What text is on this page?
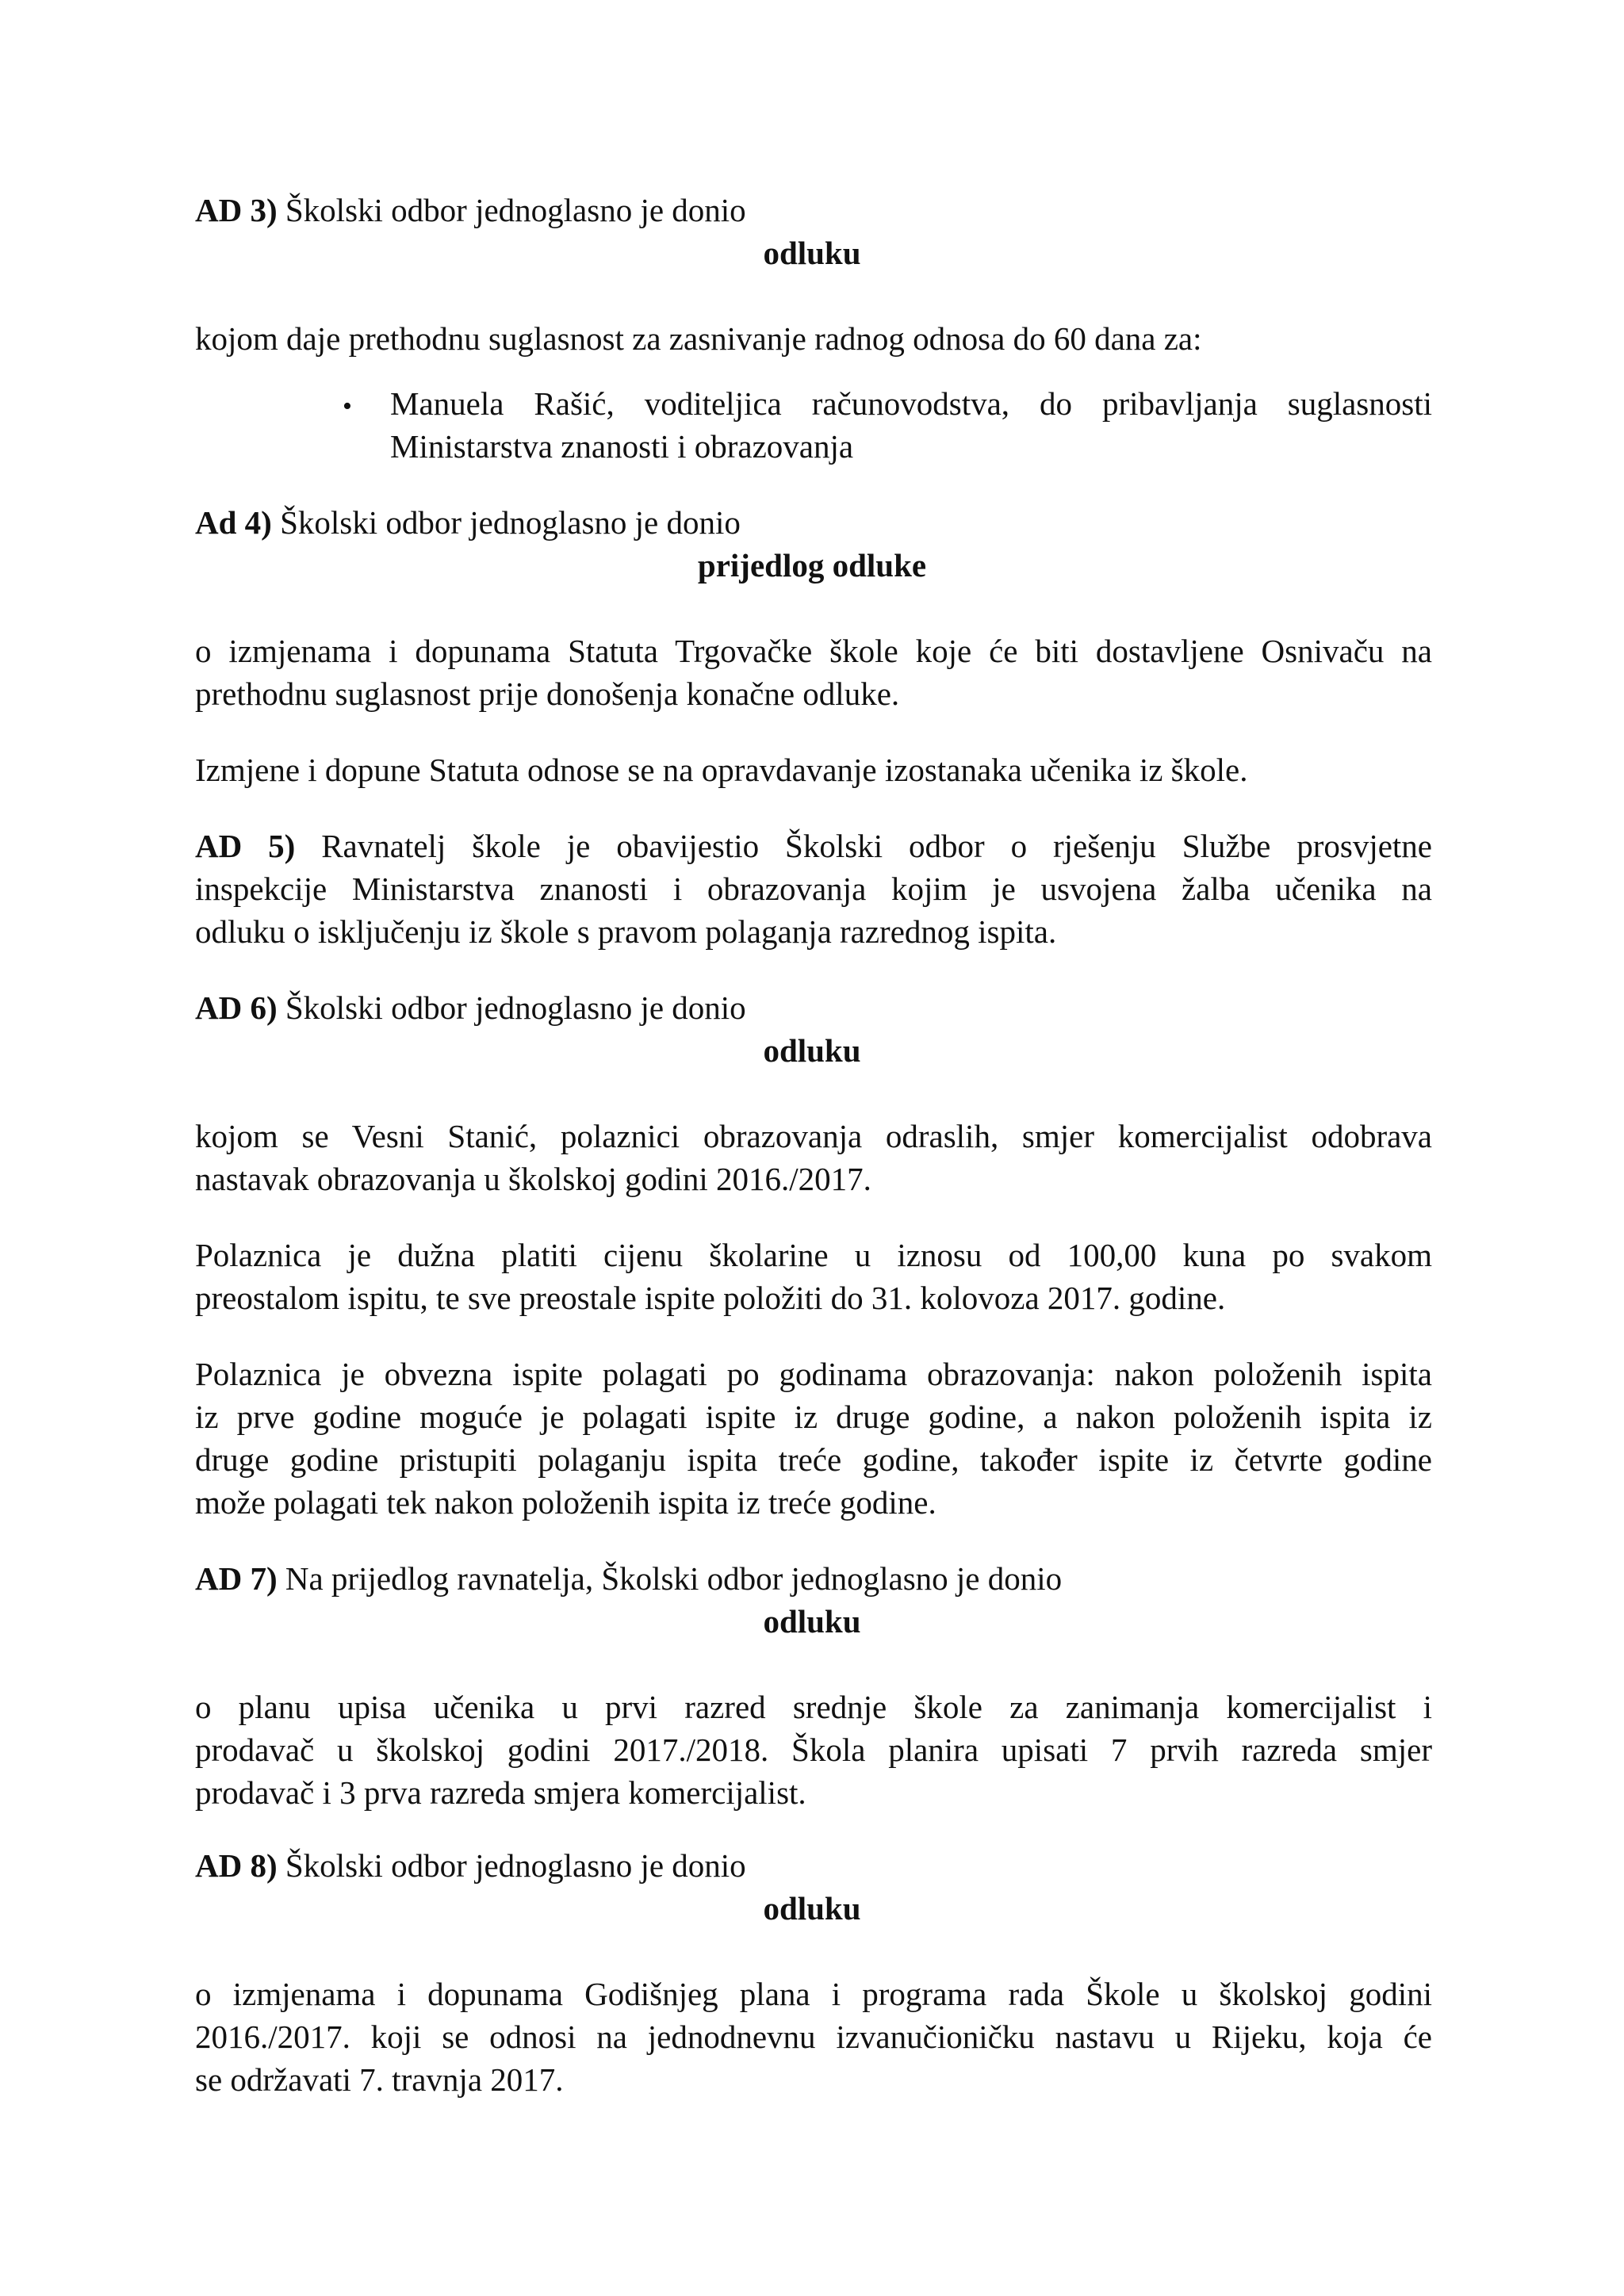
AD 3) Školski odbor jednoglasno je donio
odluku
kojom daje prethodnu suglasnost za zasnivanje radnog odnosa do 60 dana za:
• Manuela Rašić, voditeljica računovodstva, do pribavljanja suglasnosti
Ministarstva znanosti i obrazovanja
Ad 4) Školski odbor jednoglasno je donio
prijedlog odluke
o izmjenama i dopunama Statuta Trgovačke škole koje će biti dostavljene Osnivaču na
prethodnu suglasnost prije donošenja konačne odluke.
Izmjene i dopune Statuta odnose se na opravdavanje izostanaka učenika iz škole.
AD 5) Ravnatelj škole je obavijestio Školski odbor o rješenju Službe prosvjetne
inspekcije Ministarstva znanosti i obrazovanja kojim je usvojena žalba učenika na
odluku o isključenju iz škole s pravom polaganja razrednog ispita.
AD 6) Školski odbor jednoglasno je donio
odluku
kojom se Vesni Stanić, polaznici obrazovanja odraslih, smjer komercijalist odobrava
nastavak obrazovanja u školskoj godini 2016./2017.
Polaznica je dužna platiti cijenu školarine u iznosu od 100,00 kuna po svakom
preostalom ispitu, te sve preostale ispite položiti do 31. kolovoza 2017. godine.
Polaznica je obvezna ispite polagati po godinama obrazovanja: nakon položenih ispita
iz prve godine moguće je polagati ispite iz druge godine, a nakon položenih ispita iz
druge godine pristupiti polaganju ispita treće godine, također ispite iz četvrte godine
može polagati tek nakon položenih ispita iz treće godine.
AD 7) Na prijedlog ravnatelja, Školski odbor jednoglasno je donio
odluku
o planu upisa učenika u prvi razred srednje škole za zanimanja komercijalist i
prodavač u školskoj godini 2017./2018. Škola planira upisati 7 prvih razreda smjer
prodavač i 3 prva razreda smjera komercijalist.
AD 8) Školski odbor jednoglasno je donio
odluku
o izmjenama i dopunama Godišnjeg plana i programa rada Škole u školskoj godini
2016./2017. koji se odnosi na jednodnevnu izvanučioničku nastavu u Rijeku, koja će
se održavati 7. travnja 2017.
